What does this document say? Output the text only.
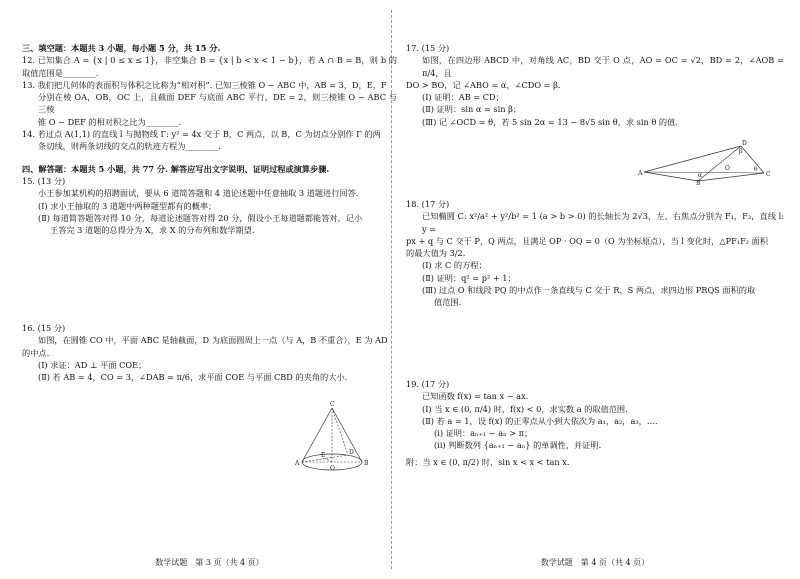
三、填空题：本题共 3 小题，每小题 5 分，共 15 分.

12. 已知集合 A = {x | 0 ≤ x ≤ 1}，非空集合 B = {x | b < x < 1 − b}，若 A ∩ B = B，则 b 的取值范围是________.

13. 我们把几何体的表面积与体积之比称为“相对积”. 已知三棱锥 O − ABC 中，AB = 3，D，E，F

分别在棱 OA，OB，OC 上，且截面 DEF 与底面 ABC 平行，DE = 2，则三棱锥 O − ABC 与三棱

锥 O − DEF 的相对积之比为________.

14. 若过点 A(1,1) 的直线 l 与抛物线 Γ: y² = 4x 交于 B，C 两点，以 B，C 为切点分别作 Γ 的两

条切线，则两条切线的交点的轨迹方程为________.

四、解答题：本题共 5 小题，共 77 分. 解答应写出文字说明、证明过程或演算步骤.

15. (13 分)

小王参加某机构的招聘面试，要从 6 道简答题和 4 道论述题中任意抽取 3 道题进行回答.

(Ⅰ) 求小王抽取的 3 道题中两种题型都有的概率；

(Ⅱ) 每道简答题答对得 10 分，每道论述题答对得 20 分，假设小王每道题都能答对，记小

王答完 3 道题的总得分为 X，求 X 的分布列和数学期望.

16. (15 分)

如图，在圆锥 CO 中，平面 ABC 是轴截面，D 为底面圆周上一点（与 A，B 不重合），E 为 AD

的中点.

(Ⅰ) 求证：AD ⊥ 平面 COE；

(Ⅱ) 若 AB = 4，CO = 3，∠DAB = π/6，求平面 COE 与平面 CBD 的夹角的大小.

C
A	B
O
E	D
数学试题　第 3 页（共 4 页）

17. (15 分)

如图，在四边形 ABCD 中，对角线 AC，BD 交于 O 点，AO = OC = √2，BD = 2，∠AOB = π/4，且

DO > BO，记 ∠ABO = α，∠CDO = β.

(Ⅰ) 证明：AB = CD；

(Ⅱ) 证明：sin α = sin β；

(Ⅲ) 记 ∠OCD = θ，若 5 sin 2α = 13 − 8√5 sin θ，求 sin θ 的值.

A
B
C
D
O
α
β
θ

18. (17 分)

已知椭圆 C: x²/a² + y²/b² = 1 (a > b > 0) 的长轴长为 2√3，左、右焦点分别为 F₁，F₂，直线 l: y =

px + q 与 C 交于 P，Q 两点，且满足 OP · OQ = 0（O 为坐标原点），当 l 变化时，△PF₁F₂ 面积

的最大值为 3/2.

(Ⅰ) 求 C 的方程；

(Ⅱ) 证明：q² = p² + 1；

(Ⅲ) 过点 O 和线段 PQ 的中点作一条直线与 C 交于 R，S 两点，求四边形 PRQS 面积的取

值范围.

19. (17 分)

已知函数 f(x) = tan x − ax.

(Ⅰ) 当 x ∈ (0, π/4) 时，f(x) < 0，求实数 a 的取值范围.

(Ⅱ) 若 a = 1，设 f(x) 的正零点从小到大依次为 a₁，a₂，a₃，….

(ⅰ) 证明：aₙ₊₁ − aₙ > π；

(ⅱ) 判断数列 {aₙ₊₁ − aₙ} 的单调性，并证明.

附：当 x ∈ (0, π/2) 时，sin x < x < tan x.

数学试题　第 4 页（共 4 页）
